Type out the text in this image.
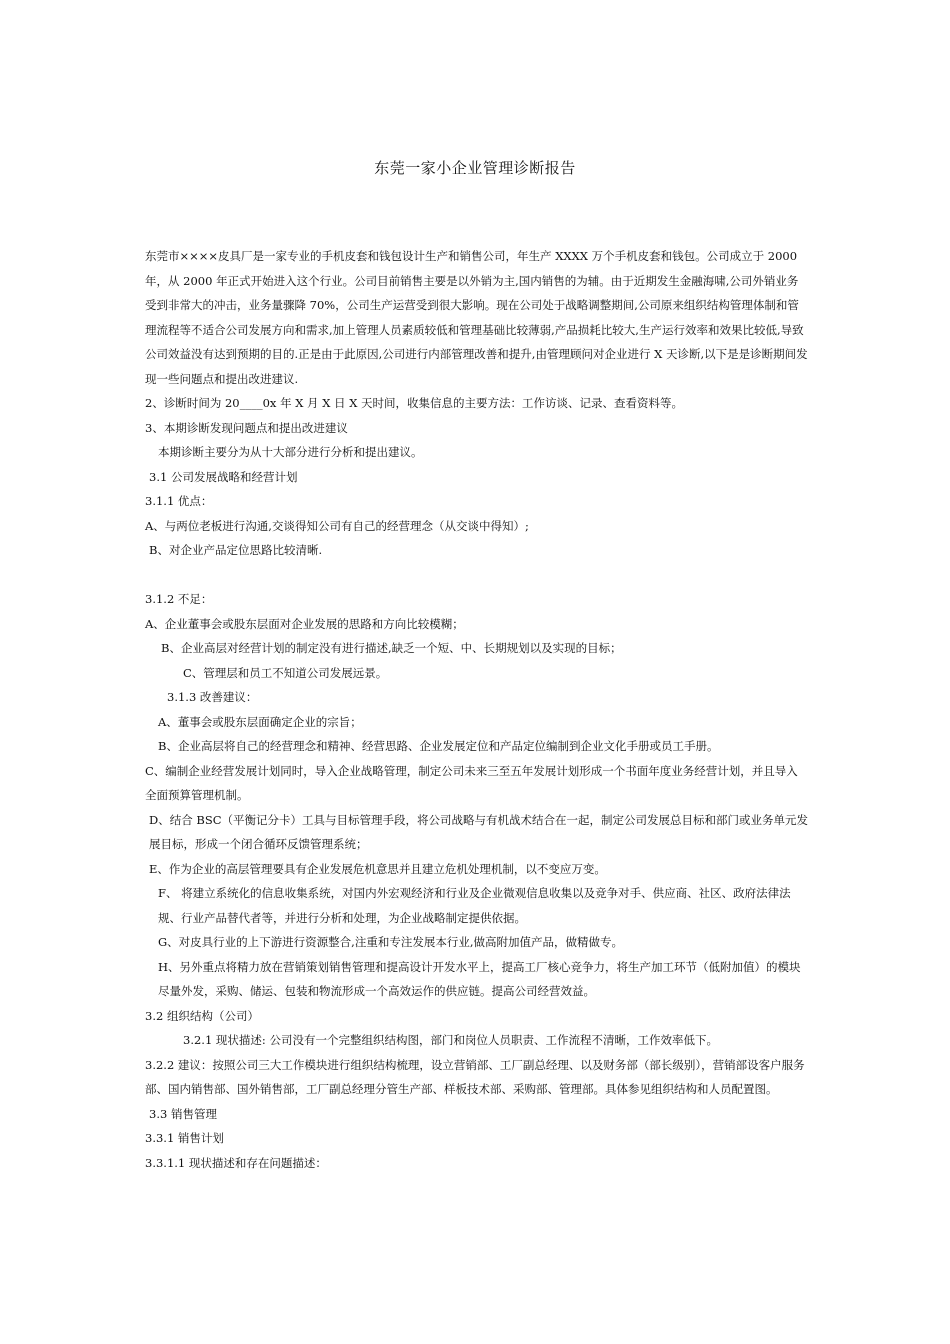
东莞一家小企业管理诊断报告

东莞市××××皮具厂是一家专业的手机皮套和钱包设计生产和销售公司，年生产 XXXX 万个手机皮套和钱包。公司成立于 2000 年，从 2000 年正式开始进入这个行业。公司目前销售主要是以外销为主,国内销售的为辅。由于近期发生金融海啸,公司外销业务受到非常大的冲击，业务量骤降 70%，公司生产运营受到很大影响。现在公司处于战略调整期间,公司原来组织结构管理体制和管理流程等不适合公司发展方向和需求,加上管理人员素质较低和管理基础比较薄弱,产品损耗比较大,生产运行效率和效果比较低,导致公司效益没有达到预期的目的.正是由于此原因,公司进行内部管理改善和提升,由管理顾问对企业进行 X 天诊断,以下是是诊断期间发现一些问题点和提出改进建议.

2、诊断时间为 20____0x 年 X 月 X 日 X 天时间，收集信息的主要方法：工作访谈、记录、查看资料等。

3、本期诊断发现问题点和提出改进建议

本期诊断主要分为从十大部分进行分析和提出建议。

3.1 公司发展战略和经营计划

3.1.1 优点：

A、与两位老板进行沟通,交谈得知公司有自己的经营理念（从交谈中得知）;

B、对企业产品定位思路比较清晰.

3.1.2 不足：

A、企业董事会或股东层面对企业发展的思路和方向比较模糊；

B、企业高层对经营计划的制定没有进行描述,缺乏一个短、中、长期规划以及实现的目标；

C、管理层和员工不知道公司发展远景。

3.1.3 改善建议：

A、董事会或股东层面确定企业的宗旨；

B、企业高层将自己的经营理念和精神、经营思路、企业发展定位和产品定位编制到企业文化手册或员工手册。

C、编制企业经营发展计划同时，导入企业战略管理，制定公司未来三至五年发展计划形成一个书面年度业务经营计划，并且导入全面预算管理机制。

D、结合 BSC（平衡记分卡）工具与目标管理手段，将公司战略与有机战术结合在一起，制定公司发展总目标和部门或业务单元发展目标，形成一个闭合循环反馈管理系统；

E、作为企业的高层管理要具有企业发展危机意思并且建立危机处理机制，以不变应万变。

F、 将建立系统化的信息收集系统，对国内外宏观经济和行业及企业微观信息收集以及竞争对手、供应商、社区、政府法律法规、行业产品替代者等，并进行分析和处理，为企业战略制定提供依据。

G、对皮具行业的上下游进行资源整合,注重和专注发展本行业,做高附加值产品，做精做专。

H、另外重点将精力放在营销策划销售管理和提高设计开发水平上，提高工厂核心竞争力，将生产加工环节（低附加值）的模块尽量外发，采购、储运、包装和物流形成一个高效运作的供应链。提高公司经营效益。

3.2 组织结构（公司）

3.2.1 现状描述: 公司没有一个完整组织结构图，部门和岗位人员职责、工作流程不清晰，工作效率低下。

3.2.2 建议：按照公司三大工作模块进行组织结构梳理，设立营销部、工厂副总经理、以及财务部（部长级别），营销部设客户服务部、国内销售部、国外销售部，工厂副总经理分管生产部、样板技术部、采购部、管理部。具体参见组织结构和人员配置图。

3.3 销售管理

3.3.1 销售计划

3.3.1.1 现状描述和存在问题描述：
